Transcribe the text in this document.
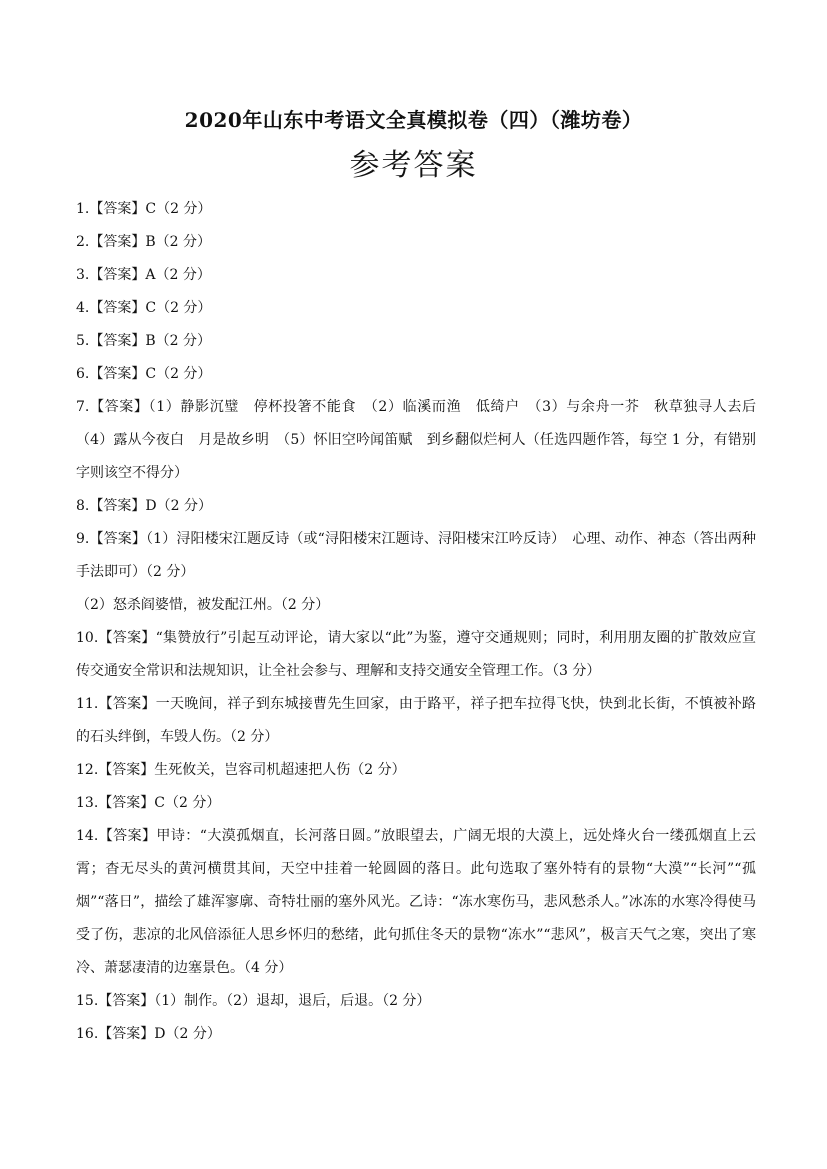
2020年山东中考语文全真模拟卷（四）（潍坊卷）
参考答案

1.【答案】C（2 分）

2.【答案】B（2 分）

3.【答案】A（2 分）

4.【答案】C（2 分）

5.【答案】B（2 分）

6.【答案】C（2 分）

7.【答案】（1）静影沉璧　停杯投箸不能食　（2）临溪而渔　低绮户　（3）与余舟一芥　秋草独寻人去后　（4）露从今夜白　月是故乡明　（5）怀旧空吟闻笛赋　到乡翻似烂柯人（任选四题作答，每空 1 分，有错别字则该空不得分）

8.【答案】D（2 分）

9.【答案】（1）浔阳楼宋江题反诗（或“浔阳楼宋江题诗、浔阳楼宋江吟反诗）　心理、动作、神态（答出两种手法即可）（2 分）

（2）怒杀阎婆惜，被发配江州。（2 分）

10.【答案】“集赞放行”引起互动评论，请大家以“此”为鉴，遵守交通规则；同时，利用朋友圈的扩散效应宣传交通安全常识和法规知识，让全社会参与、理解和支持交通安全管理工作。（3 分）

11.【答案】一天晚间，祥子到东城接曹先生回家，由于路平，祥子把车拉得飞快，快到北长街，不慎被补路的石头绊倒，车毁人伤。（2 分）

12.【答案】生死攸关，岂容司机超速把人伤（2 分）

13.【答案】C（2 分）

14.【答案】甲诗：“大漠孤烟直，长河落日圆。”放眼望去，广阔无垠的大漠上，远处烽火台一缕孤烟直上云霄；杳无尽头的黄河横贯其间，天空中挂着一轮圆圆的落日。此句选取了塞外特有的景物“大漠”“长河”“孤烟”“落日”，描绘了雄浑寥廓、奇特壮丽的塞外风光。乙诗：“冻水寒伤马，悲风愁杀人。”冰冻的水寒冷得使马受了伤，悲凉的北风倍添征人思乡怀归的愁绪，此句抓住冬天的景物“冻水”“悲风”，极言天气之寒，突出了寒冷、萧瑟凄清的边塞景色。（4 分）

15.【答案】（1）制作。（2）退却，退后，后退。（2 分）

16.【答案】D（2 分）
